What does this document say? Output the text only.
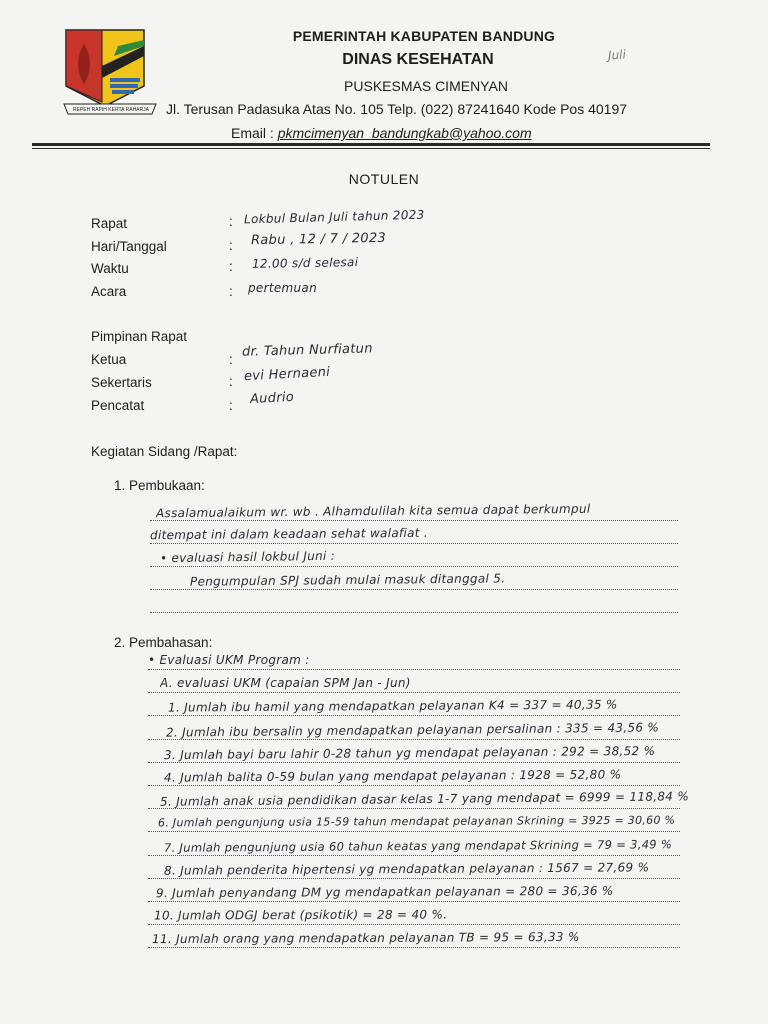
REPEH RAPIH KERTA RAHARJA
PEMERINTAH KABUPATEN BANDUNG
DINAS KESEHATAN
PUSKESMAS CIMENYAN
Jl. Terusan Padasuka Atas No. 105 Telp. (022) 87241640 Kode Pos 40197
Email : pkmcimenyan_bandungkab@yahoo.com
Juli
NOTULEN
Rapat	: Lokbul Bulan Juli tahun 2023
Hari/Tanggal	: Rabu , 12 / 7 / 2023
Waktu	: 12.00 s/d selesai
Acara	: pertemuan
Pimpinan Rapat
Ketua	: dr. Tahun Nurfiatun
Sekertaris	: evi Hernaeni
Pencatat	: Audrio
Kegiatan Sidang /Rapat:
1. Pembukaan:
Assalamualaikum wr. wb . Alhamdulilah kita semua dapat berkumpul
ditempat ini dalam keadaan sehat walafiat .
• evaluasi hasil lokbul Juni :
Pengumpulan SPJ sudah mulai masuk ditanggal 5.
2. Pembahasan:
• Evaluasi UKM Program :
A. evaluasi UKM (capaian SPM Jan - Jun)
1. Jumlah ibu hamil yang mendapatkan pelayanan K4 = 337 = 40,35 %
2. Jumlah ibu bersalin yg mendapatkan pelayanan persalinan : 335 = 43,56 %
3. Jumlah bayi baru lahir 0-28 tahun yg mendapat pelayanan : 292 = 38,52 %
4. Jumlah balita 0-59 bulan yang mendapat pelayanan : 1928 = 52,80 %
5. Jumlah anak usia pendidikan dasar kelas 1-7 yang mendapat = 6999 = 118,84 %
6. Jumlah pengunjung usia 15-59 tahun mendapat pelayanan Skrining = 3925 = 30,60 %
7. Jumlah pengunjung usia 60 tahun keatas yang mendapat Skrining = 79 = 3,49 %
8. Jumlah penderita hipertensi yg mendapatkan pelayanan : 1567 = 27,69 %
9. Jumlah penyandang DM yg mendapatkan pelayanan = 280 = 36,36 %
10. Jumlah ODGJ berat (psikotik) = 28 = 40 %.
11. Jumlah orang yang mendapatkan pelayanan TB = 95 = 63,33 %
